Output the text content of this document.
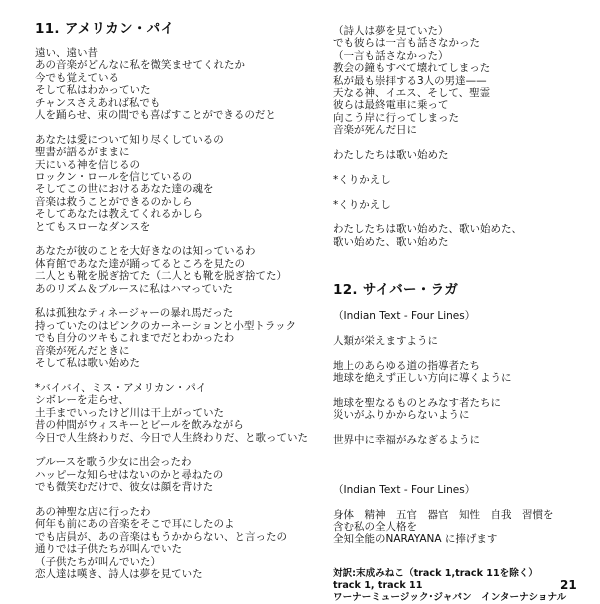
11. アメリカン・パイ
遠い、遠い昔
あの音楽がどんなに私を微笑ませてくれたか
今でも覚えている
そして私はわかっていた
チャンスさえあれば私でも
人を踊らせ、束の間でも喜ばすことができるのだと
あなたは愛について知り尽くしているの
聖書が語るがままに
天にいる神を信じるの
ロックン・ロールを信じているの
そしてこの世におけるあなた達の魂を
音楽は救うことができるのかしら
そしてあなたは教えてくれるかしら
とてもスローなダンスを
あなたが彼のことを大好きなのは知っているわ
体育館であなた達が踊ってるところを見たの
二人とも靴を脱ぎ捨てた（二人とも靴を脱ぎ捨てた）
あのリズム＆ブルースに私はハマっていた
私は孤独なティネージャーの暴れ馬だった
持っていたのはピンクのカーネーションと小型トラック
でも自分のツキもこれまでだとわかったわ
音楽が死んだときに
そして私は歌い始めた
*バイバイ、ミス・アメリカン・パイ
シボレーを走らせ、
土手までいったけど川は干上がっていた
昔の仲間がウィスキーとビールを飲みながら
今日で人生終わりだ、今日で人生終わりだ、と歌っていた
ブルースを歌う少女に出会ったわ
ハッピーな知らせはないのかと尋ねたの
でも微笑むだけで、彼女は顔を背けた
あの神聖な店に行ったわ
何年も前にあの音楽をそこで耳にしたのよ
でも店員が、あの音楽はもうかからない、と言ったの
通りでは子供たちが叫んでいた
（子供たちが叫んでいた）
恋人達は嘆き、詩人は夢を見ていた
（詩人は夢を見ていた）
でも彼らは一言も話さなかった
（一言も話さなかった）
教会の鐘もすべて壊れてしまった
私が最も崇拝する3人の男達——
天なる神、イエス、そして、聖霊
彼らは最終電車に乗って
向こう岸に行ってしまった
音楽が死んだ日に
わたしたちは歌い始めた
*くりかえし
*くりかえし
わたしたちは歌い始めた、歌い始めた、
歌い始めた、歌い始めた
12. サイバー・ラガ
（Indian Text - Four Lines）
人類が栄えますように
地上のあらゆる道の指導者たち
地球を絶えず正しい方向に導くように
地球を聖なるものとみなす者たちに
災いがふりかからないように
世界中に幸福がみなぎるように
（Indian Text - Four Lines）
身体　精神　五官　器官　知性　自我　習慣を
含む私の全人格を
全知全能のNARAYANA に捧げます
対訳:末成みねこ（track 1,track 11を除く）
track 1, track 11
ワーナーミュージック･ジャパン　インターナショナル
21
